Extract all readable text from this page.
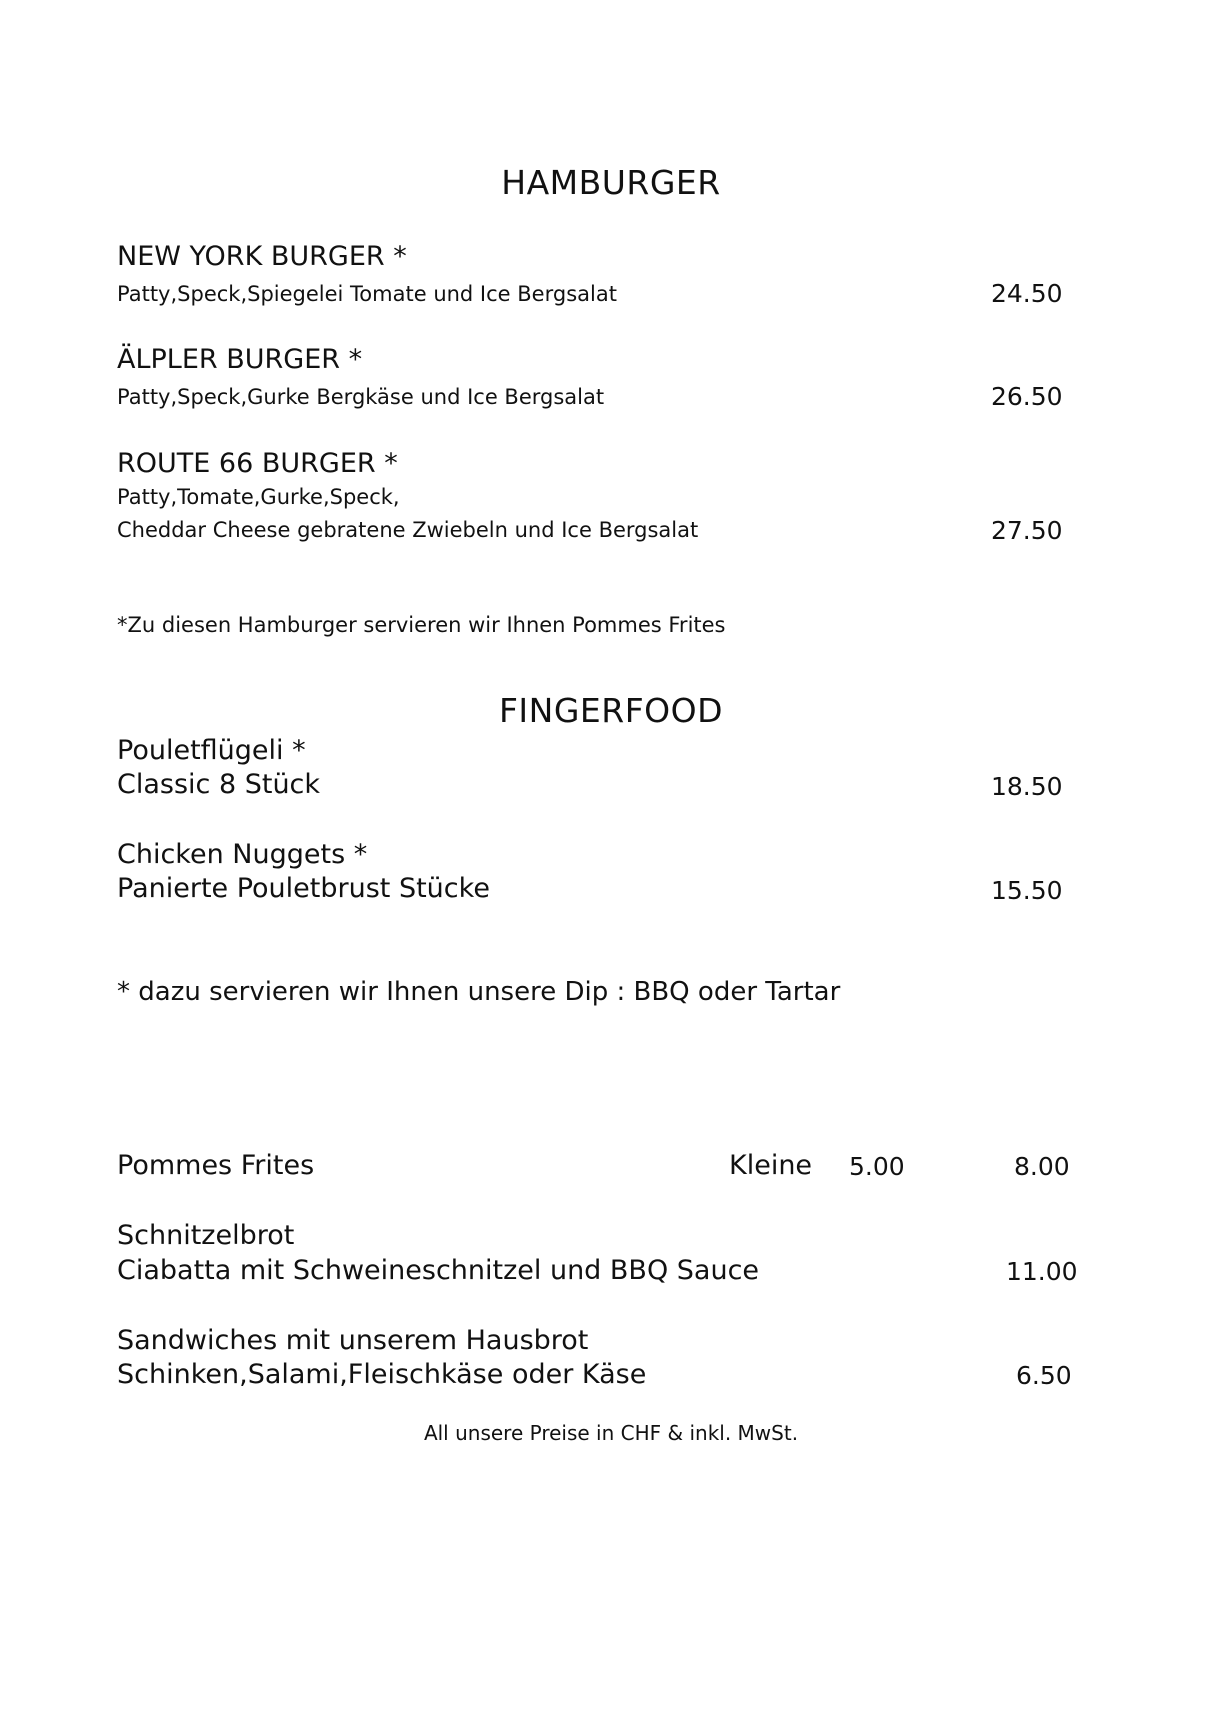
HAMBURGER
NEW YORK BURGER *
Patty,Speck,Spiegelei Tomate und Ice Bergsalat	24.50
ÄLPLER BURGER *
Patty,Speck,Gurke Bergkäse und Ice Bergsalat	26.50
ROUTE 66 BURGER *
Patty,Tomate,Gurke,Speck,
Cheddar Cheese gebratene Zwiebeln und Ice Bergsalat	27.50
*Zu diesen Hamburger servieren wir Ihnen Pommes Frites
FINGERFOOD
Pouletflügeli *
Classic 8 Stück	18.50
Chicken Nuggets *
Panierte Pouletbrust Stücke	15.50
* dazu servieren wir Ihnen unsere Dip : BBQ oder Tartar
Pommes Frites	Kleine 5.00	8.00
Schnitzelbrot
Ciabatta mit Schweineschnitzel und BBQ Sauce	11.00
Sandwiches mit unserem Hausbrot
Schinken,Salami,Fleischkäse oder Käse	6.50
All unsere Preise in CHF & inkl. MwSt.
